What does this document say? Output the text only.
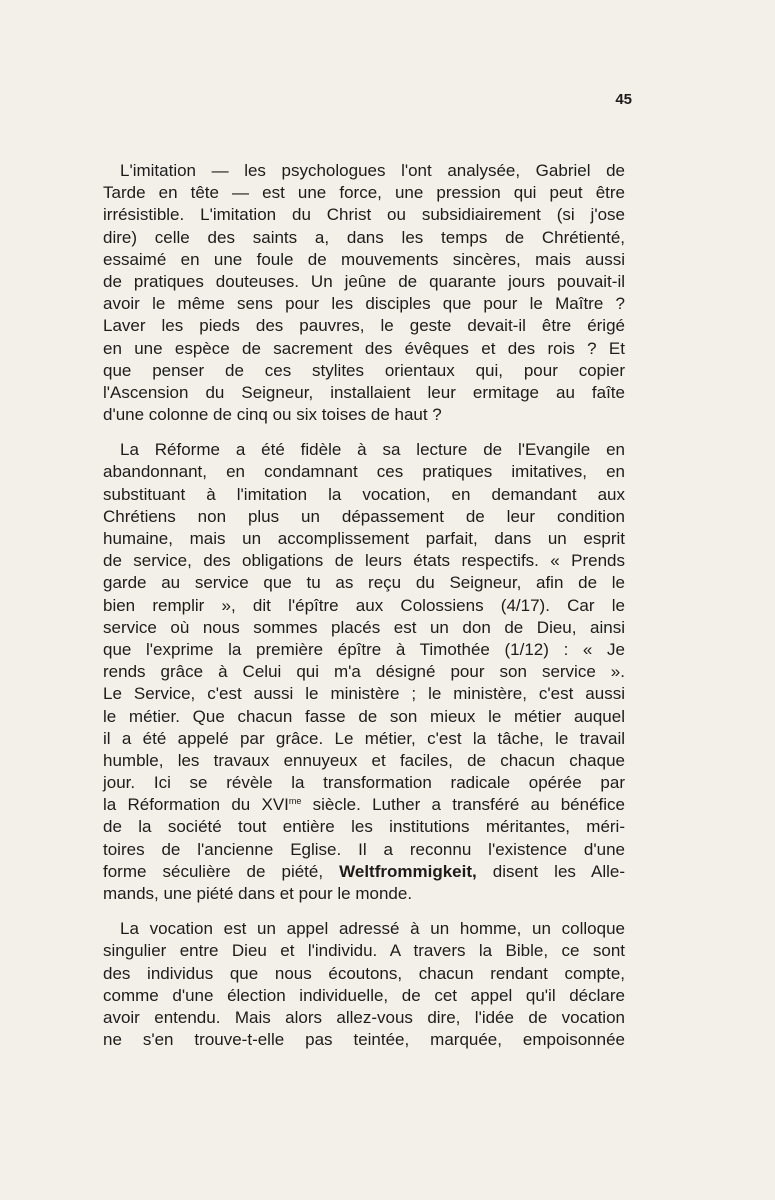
45

L'imitation — les psychologues l'ont analysée, Gabriel de
Tarde en tête — est une force, une pression qui peut être
irrésistible. L'imitation du Christ ou subsidiairement (si j'ose
dire) celle des saints a, dans les temps de Chrétienté,
essaimé en une foule de mouvements sincères, mais aussi
de pratiques douteuses. Un jeûne de quarante jours pouvait-il
avoir le même sens pour les disciples que pour le Maître ?
Laver les pieds des pauvres, le geste devait-il être érigé
en une espèce de sacrement des évêques et des rois ? Et
que penser de ces stylites orientaux qui, pour copier
l'Ascension du Seigneur, installaient leur ermitage au faîte
d'une colonne de cinq ou six toises de haut ?

La Réforme a été fidèle à sa lecture de l'Evangile en
abandonnant, en condamnant ces pratiques imitatives, en
substituant à l'imitation la vocation, en demandant aux
Chrétiens non plus un dépassement de leur condition
humaine, mais un accomplissement parfait, dans un esprit
de service, des obligations de leurs états respectifs. « Prends
garde au service que tu as reçu du Seigneur, afin de le
bien remplir », dit l'épître aux Colossiens (4/17). Car le
service où nous sommes placés est un don de Dieu, ainsi
que l'exprime la première épître à Timothée (1/12) : « Je
rends grâce à Celui qui m'a désigné pour son service ».
Le Service, c'est aussi le ministère ; le ministère, c'est aussi
le métier. Que chacun fasse de son mieux le métier auquel
il a été appelé par grâce. Le métier, c'est la tâche, le travail
humble, les travaux ennuyeux et faciles, de chacun chaque
jour. Ici se révèle la transformation radicale opérée par
la Réformation du $XVI^{me}$ siècle. Luther a transféré au bénéfice
de la société tout entière les institutions méritantes, méri-
toires de l'ancienne Eglise. Il a reconnu l'existence d'une
forme séculière de piété, Weltfrommigkeit, disent les Alle-
mands, une piété dans et pour le monde.

La vocation est un appel adressé à un homme, un colloque
singulier entre Dieu et l'individu. A travers la Bible, ce sont
des individus que nous écoutons, chacun rendant compte,
comme d'une élection individuelle, de cet appel qu'il déclare
avoir entendu. Mais alors allez-vous dire, l'idée de vocation
ne s'en trouve-t-elle pas teintée, marquée, empoisonnée
